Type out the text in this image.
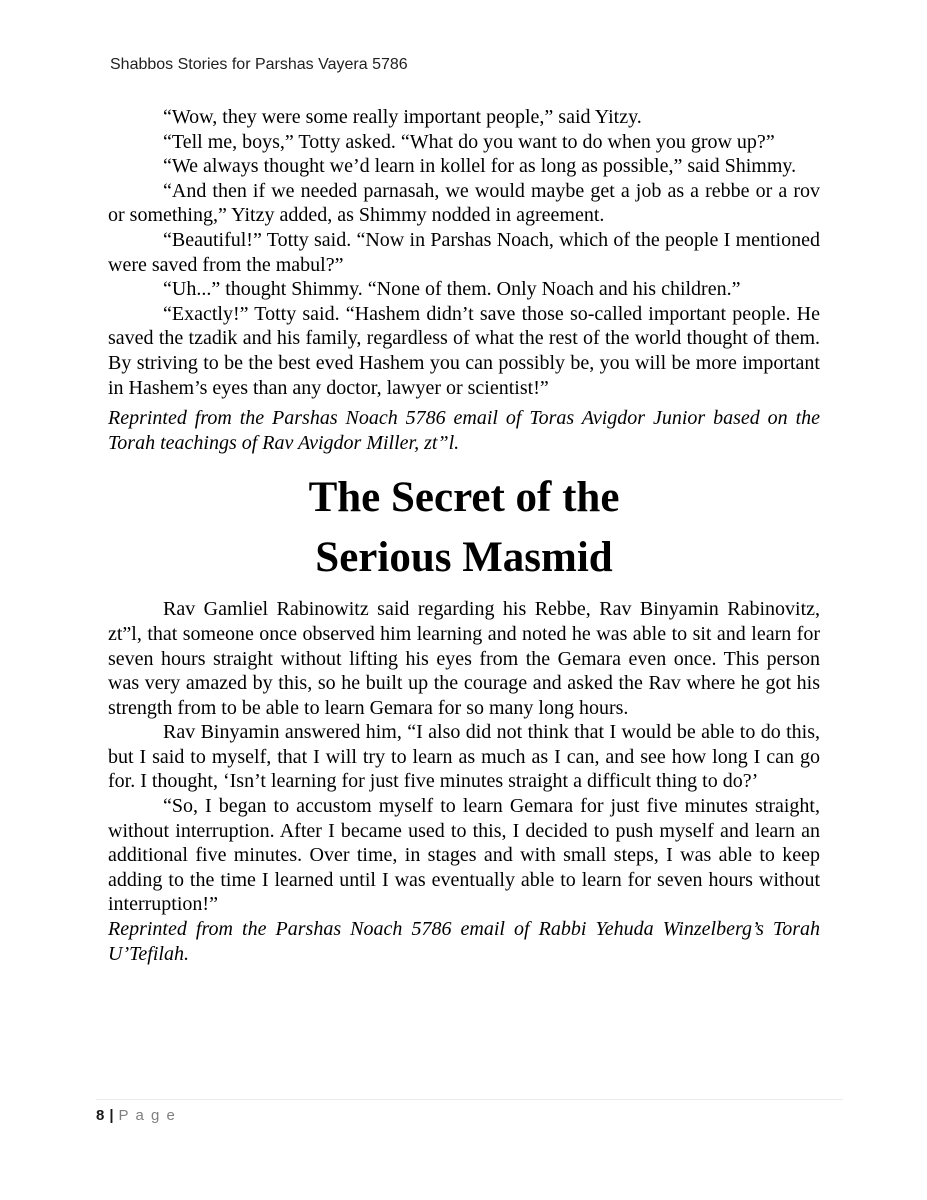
Shabbos Stories for Parshas Vayera 5786

“Wow, they were some really important people,” said Yitzy.

“Tell me, boys,” Totty asked. “What do you want to do when you grow up?”

“We always thought we’d learn in kollel for as long as possible,” said Shimmy.

“And then if we needed parnasah, we would maybe get a job as a rebbe or a rov or something,” Yitzy added, as Shimmy nodded in agreement.

“Beautiful!” Totty said. “Now in Parshas Noach, which of the people I mentioned were saved from the mabul?”

“Uh...” thought Shimmy. “None of them. Only Noach and his children.”

“Exactly!” Totty said. “Hashem didn’t save those so-called important people. He saved the tzadik and his family, regardless of what the rest of the world thought of them. By striving to be the best eved Hashem you can possibly be, you will be more important in Hashem’s eyes than any doctor, lawyer or scientist!”

Reprinted from the Parshas Noach 5786 email of Toras Avigdor Junior based on the Torah teachings of Rav Avigdor Miller, zt”l.

The Secret of the
Serious Masmid

Rav Gamliel Rabinowitz said regarding his Rebbe, Rav Binyamin Rabinovitz, zt”l, that someone once observed him learning and noted he was able to sit and learn for seven hours straight without lifting his eyes from the Gemara even once. This person was very amazed by this, so he built up the courage and asked the Rav where he got his strength from to be able to learn Gemara for so many long hours.

Rav Binyamin answered him, “I also did not think that I would be able to do this, but I said to myself, that I will try to learn as much as I can, and see how long I can go for. I thought, ‘Isn’t learning for just five minutes straight a difficult thing to do?’

“So, I began to accustom myself to learn Gemara for just five minutes straight, without interruption. After I became used to this, I decided to push myself and learn an additional five minutes. Over time, in stages and with small steps, I was able to keep adding to the time I learned until I was eventually able to learn for seven hours without interruption!”

Reprinted from the Parshas Noach 5786 email of Rabbi Yehuda Winzelberg’s Torah U’Tefilah.

8 | P a g e
